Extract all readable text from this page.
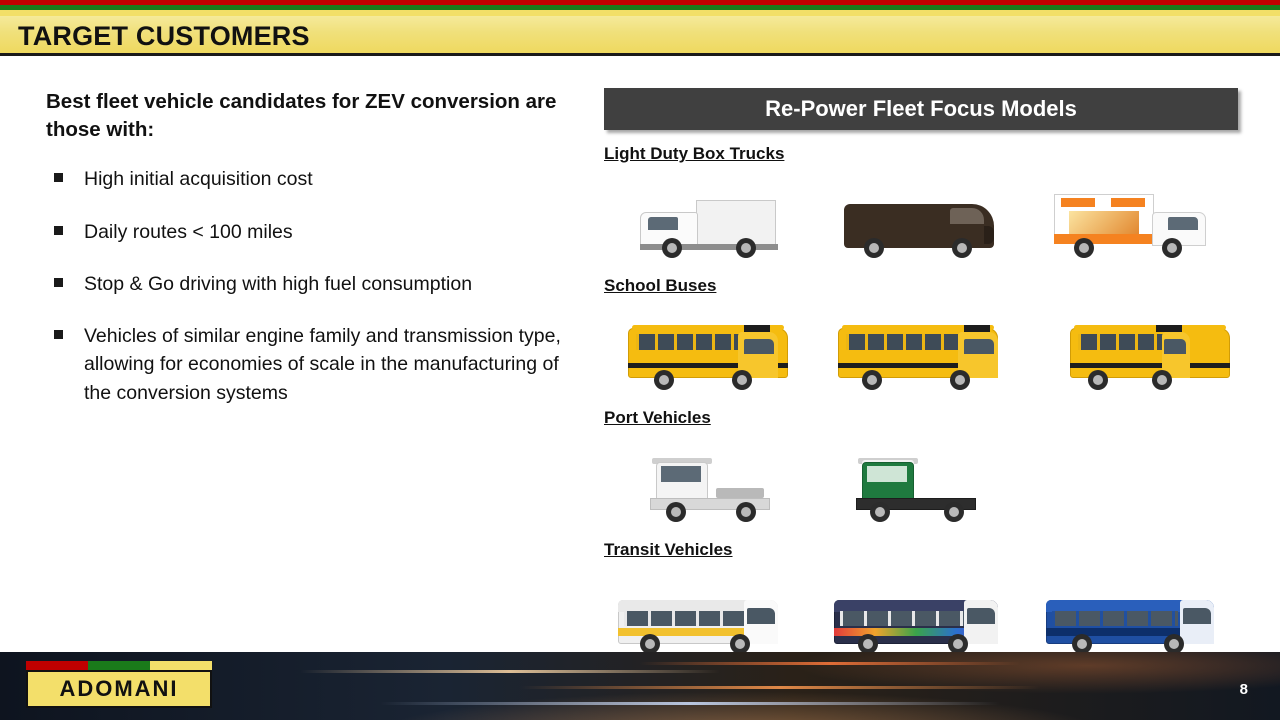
TARGET CUSTOMERS
Best fleet vehicle candidates for ZEV conversion are those with:
High initial acquisition cost
Daily routes < 100 miles
Stop & Go driving with high fuel consumption
Vehicles of similar engine family and transmission type, allowing for economies of scale in the manufacturing of the conversion systems
Re-Power Fleet Focus Models
Light Duty Box Trucks
School Buses
Port Vehicles
Transit Vehicles
ADOMANI	8
